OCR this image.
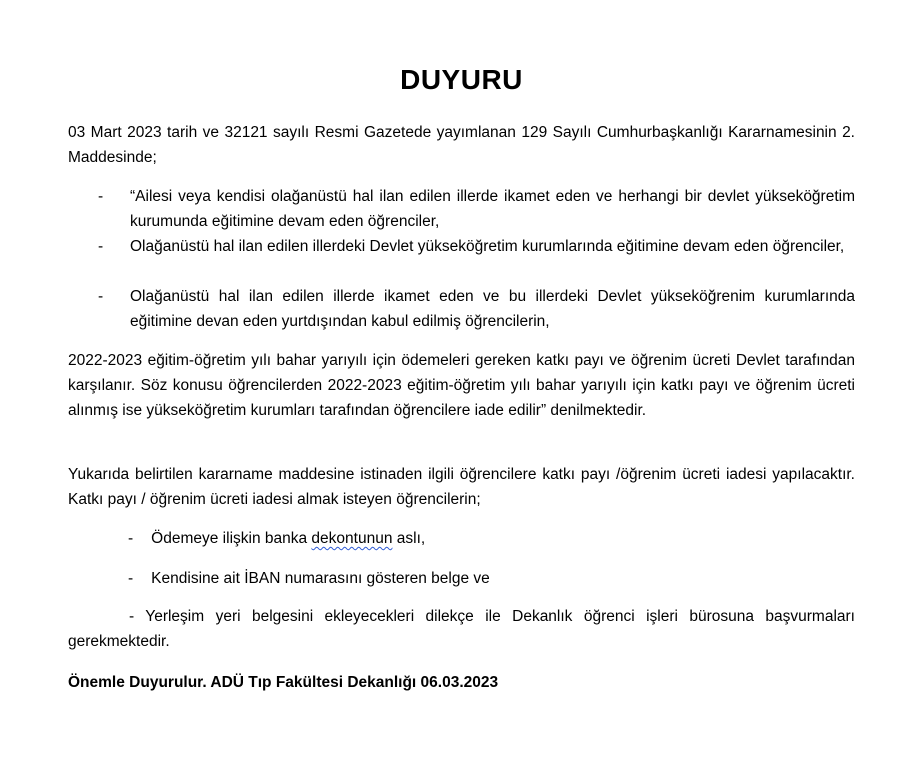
DUYURU

03 Mart 2023 tarih ve 32121 sayılı Resmi Gazetede yayımlanan 129 Sayılı Cumhurbaşkanlığı Kararnamesinin 2. Maddesinde;

- “Ailesi veya kendisi olağanüstü hal ilan edilen illerde ikamet eden ve herhangi bir devlet yükseköğretim kurumunda eğitimine devam eden öğrenciler,
- Olağanüstü hal ilan edilen illerdeki Devlet yükseköğretim kurumlarında eğitimine devam eden öğrenciler,
- Olağanüstü hal ilan edilen illerde ikamet eden ve bu illerdeki Devlet yükseköğrenim kurumlarında eğitimine devan eden yurtdışından kabul edilmiş öğrencilerin,

2022-2023 eğitim-öğretim yılı bahar yarıyılı için ödemeleri gereken katkı payı ve öğrenim ücreti Devlet tarafından karşılanır. Söz konusu öğrencilerden 2022-2023 eğitim-öğretim yılı bahar yarıyılı için katkı payı ve öğrenim ücreti alınmış ise yükseköğretim kurumları tarafından öğrencilere iade edilir” denilmektedir.

Yukarıda belirtilen kararname maddesine istinaden ilgili öğrencilere katkı payı /öğrenim ücreti iadesi yapılacaktır. Katkı payı / öğrenim ücreti iadesi almak isteyen öğrencilerin;

- Ödemeye ilişkin banka dekontunun aslı,
- Kendisine ait İBAN numarasını gösteren belge ve

- Yerleşim yeri belgesini ekleyecekleri dilekçe ile Dekanlık öğrenci işleri bürosuna başvurmaları gerekmektedir.

Önemle Duyurulur. ADÜ Tıp Fakültesi Dekanlığı 06.03.2023
